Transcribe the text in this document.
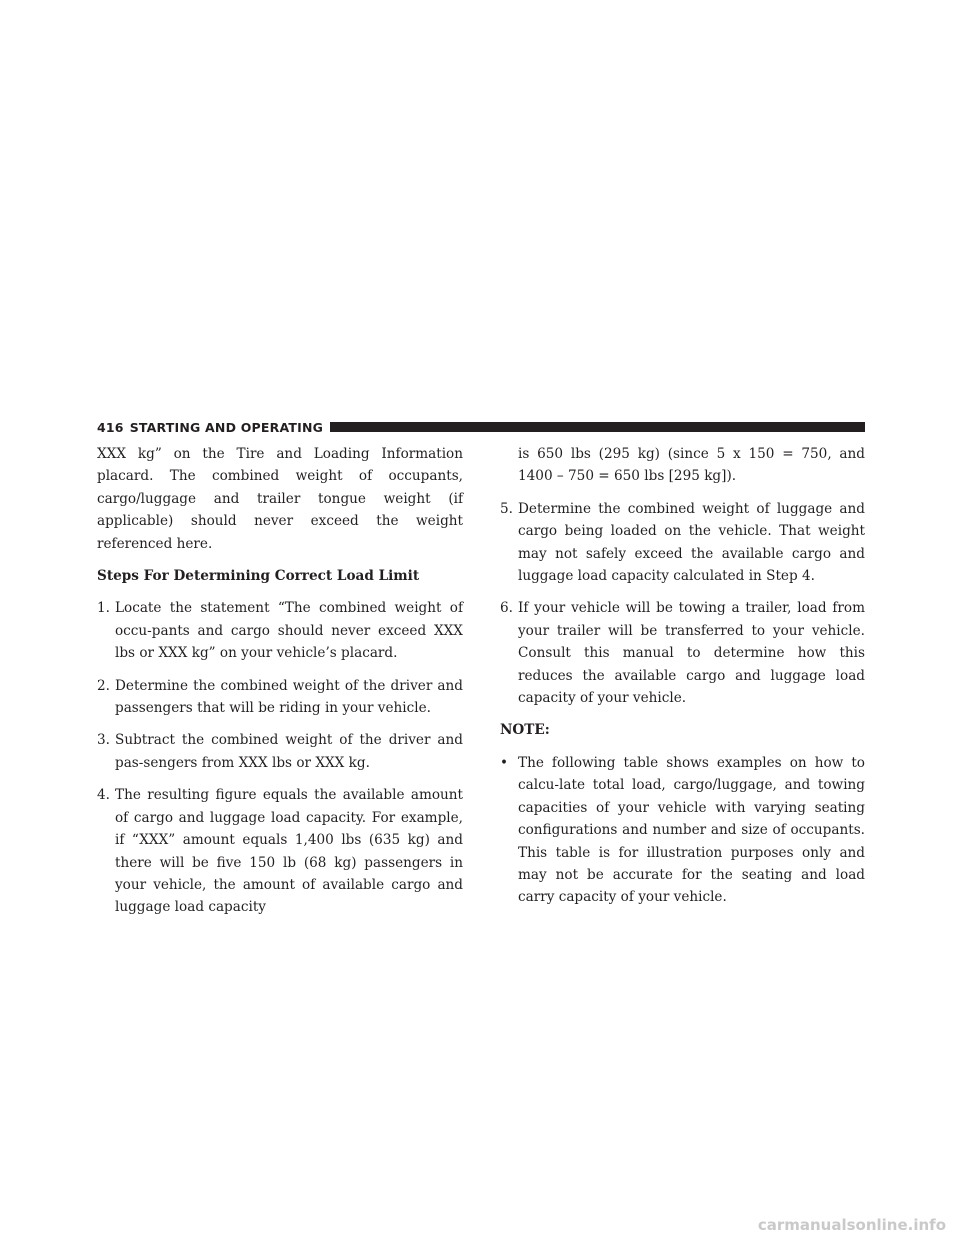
416 STARTING AND OPERATING

XXX kg” on the Tire and Loading Information placard. The combined weight of occupants, cargo/luggage and trailer tongue weight (if applicable) should never exceed the weight referenced here.

Steps For Determining Correct Load Limit
1. Locate the statement “The combined weight of occu-pants and cargo should never exceed XXX lbs or XXX kg” on your vehicle’s placard.
2. Determine the combined weight of the driver and passengers that will be riding in your vehicle.
3. Subtract the combined weight of the driver and pas-sengers from XXX lbs or XXX kg.
4. The resulting figure equals the available amount of cargo and luggage load capacity. For example, if “XXX” amount equals 1,400 lbs (635 kg) and there will be five 150 lb (68 kg) passengers in your vehicle, the amount of available cargo and luggage load capacity
is 650 lbs (295 kg) (since 5 x 150 = 750, and 1400 – 750 = 650 lbs [295 kg]).
5. Determine the combined weight of luggage and cargo being loaded on the vehicle. That weight may not safely exceed the available cargo and luggage load capacity calculated in Step 4.
6. If your vehicle will be towing a trailer, load from your trailer will be transferred to your vehicle. Consult this manual to determine how this reduces the available cargo and luggage load capacity of your vehicle.
NOTE:
• The following table shows examples on how to calcu-late total load, cargo/luggage, and towing capacities of your vehicle with varying seating configurations and number and size of occupants. This table is for illustration purposes only and may not be accurate for the seating and load carry capacity of your vehicle.
carmanualsonline.info
